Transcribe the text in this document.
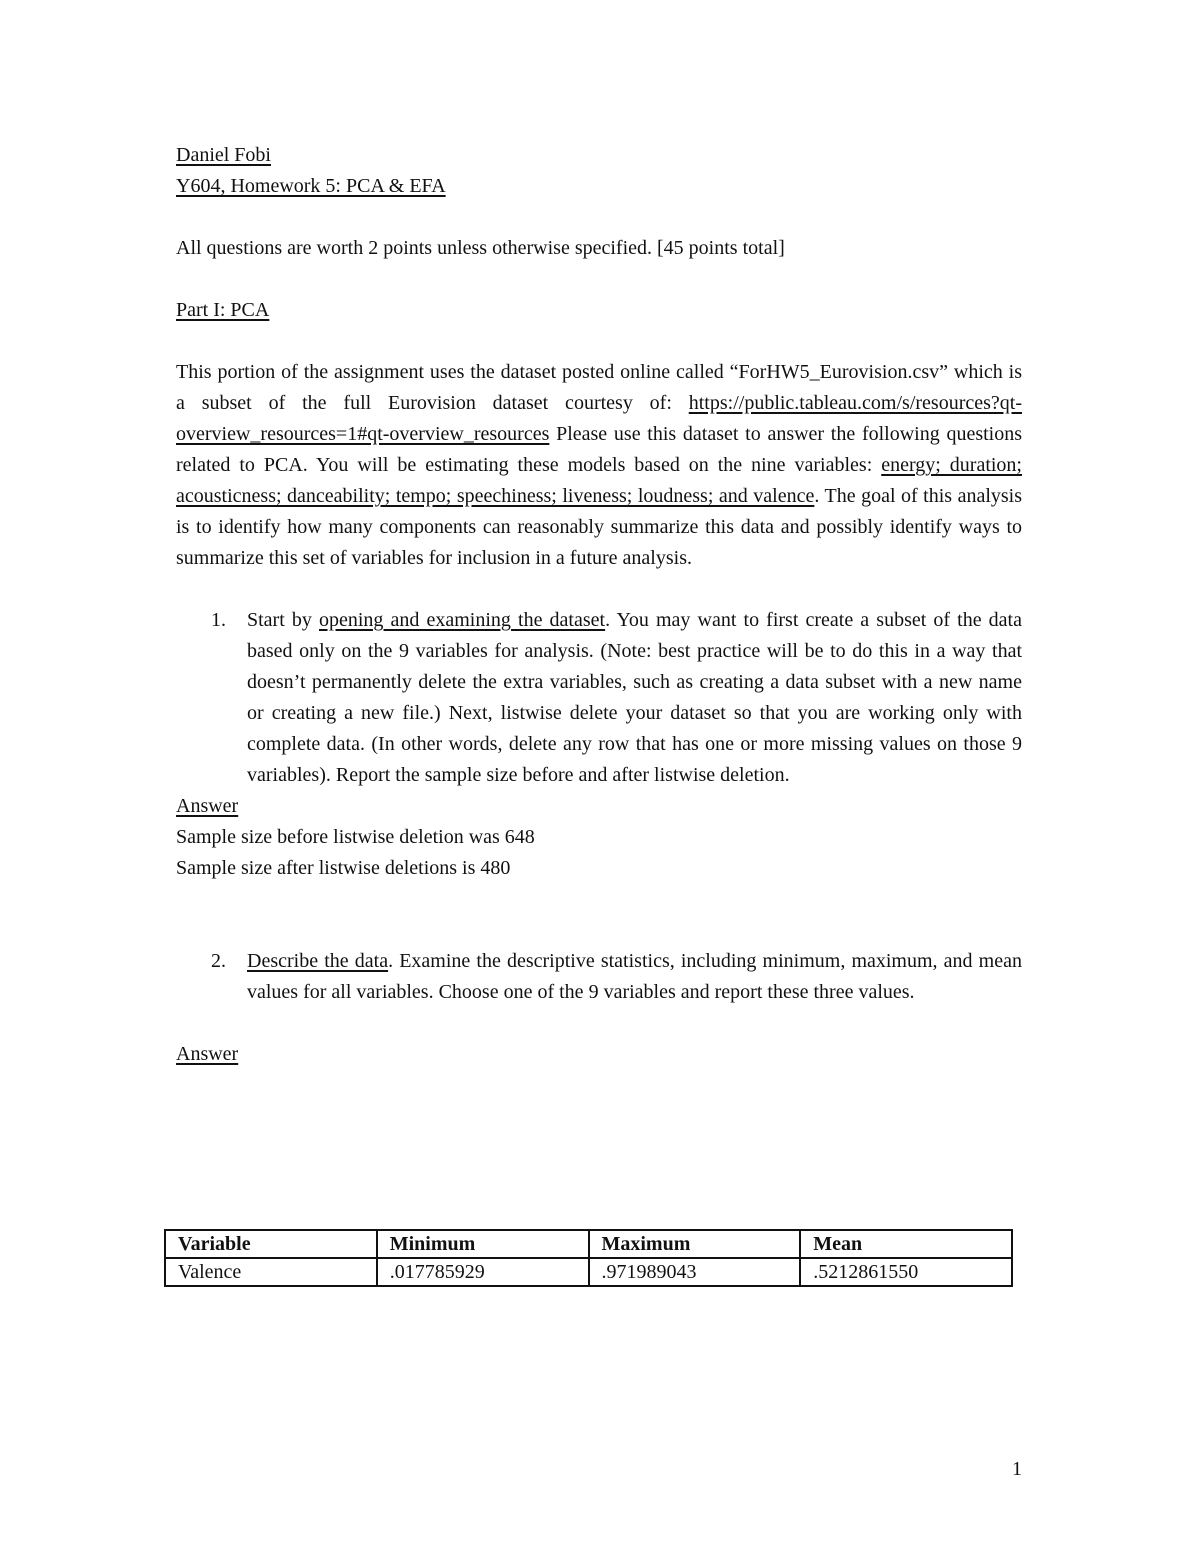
Daniel Fobi
Y604, Homework 5: PCA & EFA
All questions are worth 2 points unless otherwise specified. [45 points total]
Part I: PCA
This portion of the assignment uses the dataset posted online called “ForHW5_Eurovision.csv” which is a subset of the full Eurovision dataset courtesy of: https://public.tableau.com/s/resources?qt-overview_resources=1#qt-overview_resources Please use this dataset to answer the following questions related to PCA. You will be estimating these models based on the nine variables: energy; duration; acousticness; danceability; tempo; speechiness; liveness; loudness; and valence. The goal of this analysis is to identify how many components can reasonably summarize this data and possibly identify ways to summarize this set of variables for inclusion in a future analysis.
1. Start by opening and examining the dataset. You may want to first create a subset of the data based only on the 9 variables for analysis. (Note: best practice will be to do this in a way that doesn’t permanently delete the extra variables, such as creating a data subset with a new name or creating a new file.) Next, listwise delete your dataset so that you are working only with complete data. (In other words, delete any row that has one or more missing values on those 9 variables). Report the sample size before and after listwise deletion.
Answer
Sample size before listwise deletion was 648
Sample size after listwise deletions is 480
2. Describe the data. Examine the descriptive statistics, including minimum, maximum, and mean values for all variables. Choose one of the 9 variables and report these three values.
Answer
Variable	Minimum	Maximum	Mean
Valence	.017785929	.971989043	.5212861550
1
